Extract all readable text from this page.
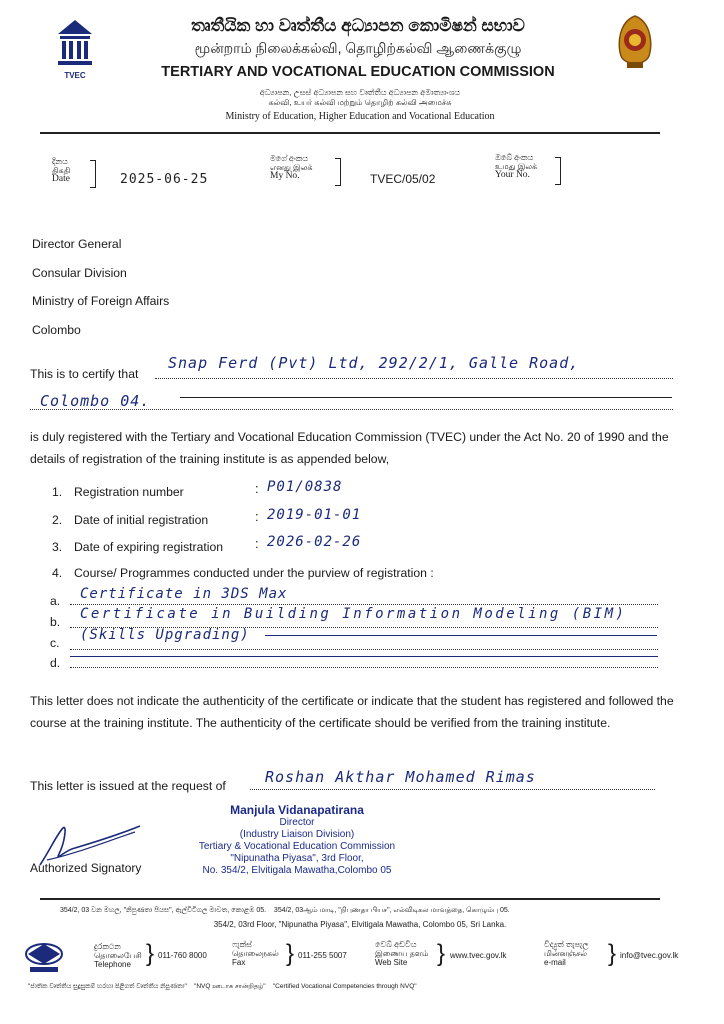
TVEC
තෘතීයික හා වෘත්තීය අධ්‍යාපන කොමිෂන් සභාව
மூன்றாம் நிலைக்கல்வி, தொழிற்கல்வி ஆணைக்குழு
TERTIARY AND VOCATIONAL EDUCATION COMMISSION
අධ්‍යාපන, උසස් අධ්‍යාපන සහ වෘත්තීය අධ්‍යාපන අමාත්‍යාංශය
கல்வி, உயர் கல்வி மற்றும் தொழிற் கல்வி அமைச்சு
Ministry of Education, Higher Education and Vocational Education
දිනය
திகதி
Date	2025-06-25
මගේ අංකය
எனது இலக்
My No.	TVEC/05/02
ඔබේ අංකය
உமது இலக்
Your No.
Director General
Consular Division
Ministry of Foreign Affairs
Colombo
This is to certify that
Snap Ferd (Pvt) Ltd, 292/2/1, Galle Road,
Colombo 04.
is duly registered with the Tertiary and Vocational Education Commission (TVEC) under the Act No. 20 of 1990 and the details of registration of the training institute is as appended below,
1. Registration number	: P01/0838
2. Date of initial registration	: 2019-01-01
3. Date of expiring registration : 2026-02-26
4. Course/ Programmes conducted under the purview of registration :
a. Certificate in 3DS Max
b. Certificate in Building Information Modeling (BIM)
c. (Skills Upgrading)
d.
This letter does not indicate the authenticity of the certificate or indicate that the student has registered and followed the course at the training institute. The authenticity of the certificate should be verified from the training institute.
This letter is issued at the request of	Roshan Akthar Mohamed Rimas
Authorized Signatory
Manjula Vidanapatirana
Director
(Industry Liaison Division)
Tertiary & Vocational Education Commission
"Nipunatha Piyasa", 3rd Floor,
No. 354/2, Elvitigala Mawatha,Colombo 05
354/2, 03 වන මහල, "නිපුණතා පියස", ඇල්විටිගල මාවත, කොළඹ 05. 354/2, 03ஆம் மாடி, "நிபுணதா பியச", எல்விடிகல மாவத்தை, கொழும்பு 05.
354/2, 03rd Floor, "Nipunatha Piyasa", Elvitigala Mawatha, Colombo 05, Sri Lanka.
දුරකථන
தொலைபேசி
Telephone } 011-760 8000
ෆැක්ස්
தொலைநகல்
Fax	} 011-255 5007
වෙබ් අඩවිය
இணைய தளம்
Web Site	} www.tvec.gov.lk
විද්‍යුත් තැපැල
மின்னஞ்சல்
e-mail	} info@tvec.gov.lk
"ජාතික වෘත්තීය සුදුසුකම් හරහා පිළිගත් වෘත්තීය නිපුණතා" "NVQ ஊடாக சான்றிதழ்" "Certified Vocational Competencies through NVQ"
